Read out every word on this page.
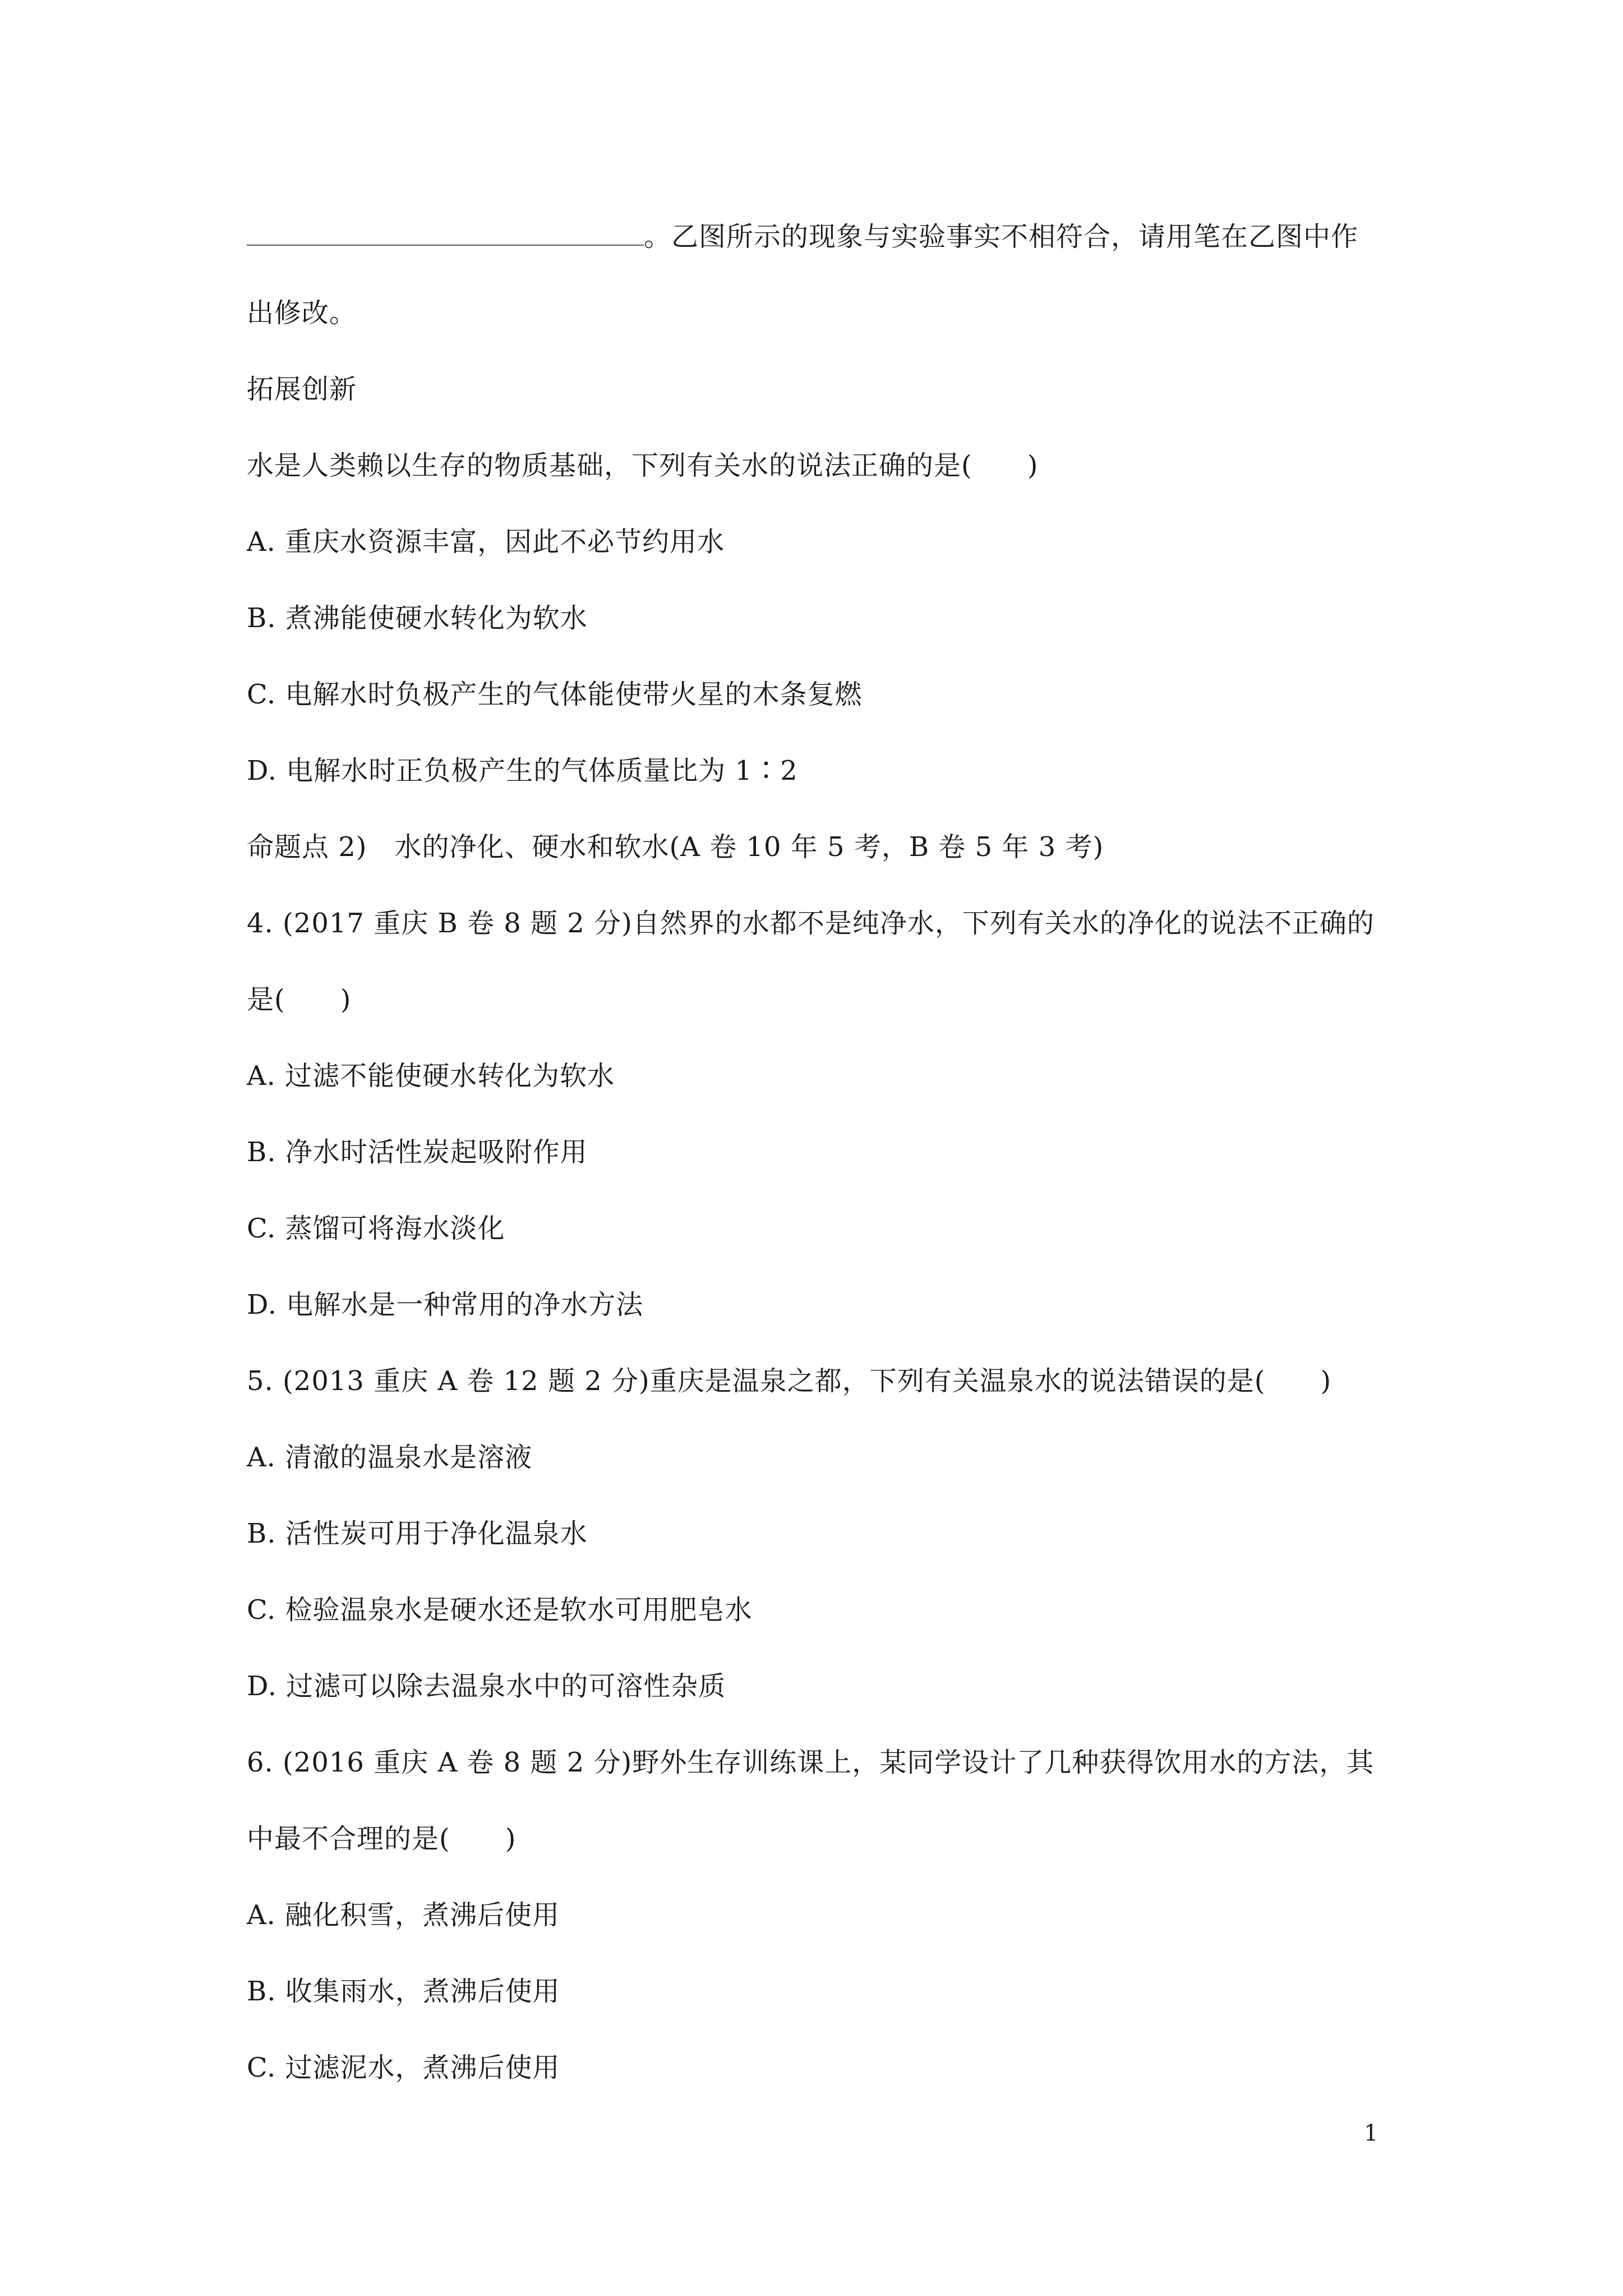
。乙图所示的现象与实验事实不相符合，请用笔在乙图中作
出修改。
拓展创新
水是人类赖以生存的物质基础，下列有关水的说法正确的是(　　)
A. 重庆水资源丰富，因此不必节约用水
B. 煮沸能使硬水转化为软水
C. 电解水时负极产生的气体能使带火星的木条复燃
D. 电解水时正负极产生的气体质量比为 1∶2
命题点 2)　水的净化、硬水和软水(A 卷 10 年 5 考，B 卷 5 年 3 考)
4. (2017 重庆 B 卷 8 题 2 分)自然界的水都不是纯净水，下列有关水的净化的说法不正确的
是(　　)
A. 过滤不能使硬水转化为软水
B. 净水时活性炭起吸附作用
C. 蒸馏可将海水淡化
D. 电解水是一种常用的净水方法
5. (2013 重庆 A 卷 12 题 2 分)重庆是温泉之都，下列有关温泉水的说法错误的是(　　)
A. 清澈的温泉水是溶液
B. 活性炭可用于净化温泉水
C. 检验温泉水是硬水还是软水可用肥皂水
D. 过滤可以除去温泉水中的可溶性杂质
6. (2016 重庆 A 卷 8 题 2 分)野外生存训练课上，某同学设计了几种获得饮用水的方法，其
中最不合理的是(　　)
A. 融化积雪，煮沸后使用
B. 收集雨水，煮沸后使用
C. 过滤泥水，煮沸后使用
1
